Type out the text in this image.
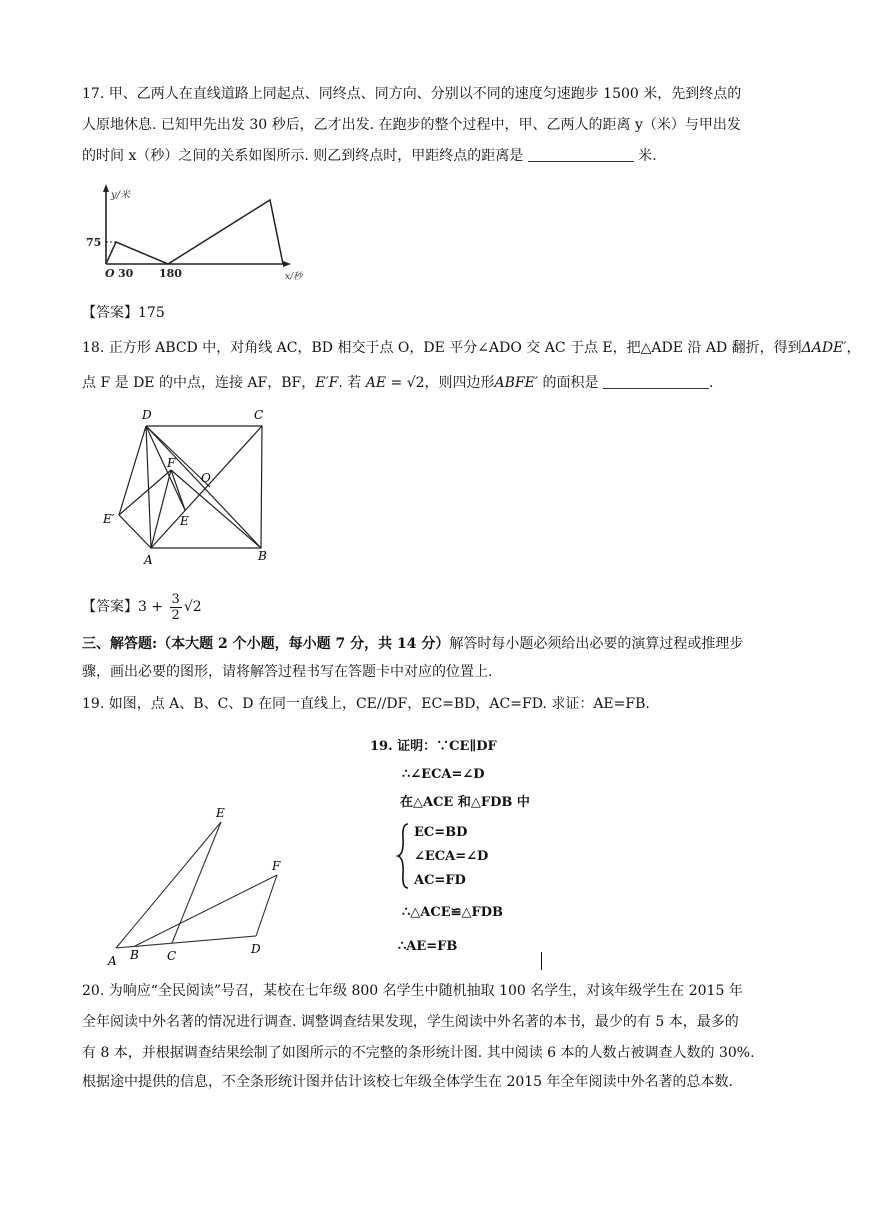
17. 甲、乙两人在直线道路上同起点、同终点、同方向、分别以不同的速度匀速跑步 1500 米，先到终点的
人原地休息. 已知甲先出发 30 秒后，乙才出发. 在跑步的整个过程中，甲、乙两人的距离 y（米）与甲出发
的时间 x（秒）之间的关系如图所示. 则乙到终点时，甲距终点的距离是	米.
y/米
75
O 30 180	x/秒
【答案】175
18. 正方形 ABCD 中，对角线 AC，BD 相交于点 O，DE 平分∠ADO 交 AC 于点 E，把△ADE 沿 AD 翻折，得到ΔADE′，
点 F 是 DE 的中点，连接 AF，BF，E′F. 若 AE = √2，则四边形ABFE′ 的面积是	.
D	C
F
O
E′	E
A	B
【答案】$3 + \frac{3}{2} √2$
三、解答题:（本大题 2 个小题，每小题 7 分，共 14 分）解答时每小题必须给出必要的演算过程或推理步
骤，画出必要的图形，请将解答过程书写在答题卡中对应的位置上.
19. 如图，点 A、B、C、D 在同一直线上，CE//DF，EC=BD，AC=FD. 求证：AE=FB.
E
F
A B C	D
19. 证明：∵CE∥DF
∴∠ECA=∠D
在△ACE 和△FDB 中
EC=BD
∠ECA=∠D
AC=FD
∴△ACE≌△FDB
∴AE=FB
20. 为响应“全民阅读”号召，某校在七年级 800 名学生中随机抽取 100 名学生，对该年级学生在 2015 年
全年阅读中外名著的情况进行调查. 调整调查结果发现，学生阅读中外名著的本书，最少的有 5 本，最多的
有 8 本，并根据调查结果绘制了如图所示的不完整的条形统计图. 其中阅读 6 本的人数占被调查人数的 30%.
根据途中提供的信息，不全条形统计图并估计该校七年级全体学生在 2015 年全年阅读中外名著的总本数.
